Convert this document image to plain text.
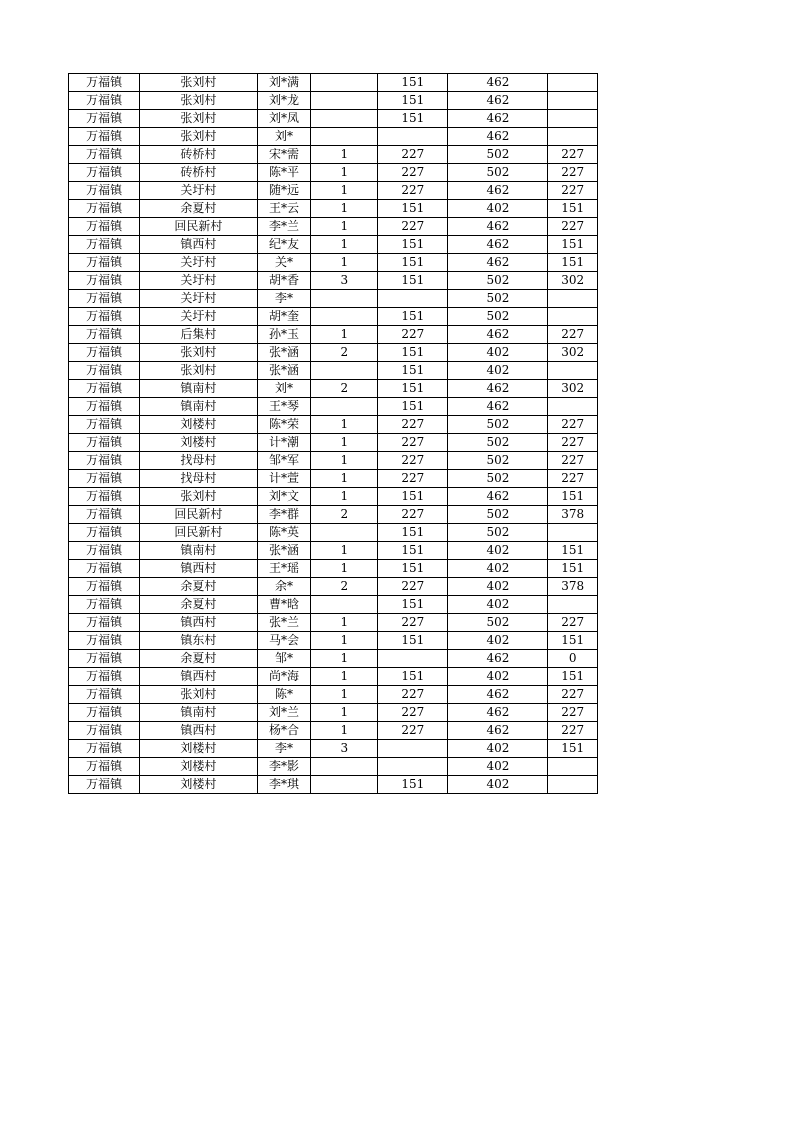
万福镇	张刘村	刘*满		151	462	
万福镇	张刘村	刘*龙		151	462	
万福镇	张刘村	刘*凤		151	462	
万福镇	张刘村	刘*			462	
万福镇	砖桥村	宋*需	1	227	502	227
万福镇	砖桥村	陈*平	1	227	502	227
万福镇	关圩村	随*远	1	227	462	227
万福镇	余夏村	王*云	1	151	402	151
万福镇	回民新村	李*兰	1	227	462	227
万福镇	镇西村	纪*友	1	151	462	151
万福镇	关圩村	关*	1	151	462	151
万福镇	关圩村	胡*香	3	151	502	302
万福镇	关圩村	李*			502	
万福镇	关圩村	胡*奎		151	502	
万福镇	后集村	孙*玉	1	227	462	227
万福镇	张刘村	张*涵	2	151	402	302
万福镇	张刘村	张*涵		151	402	
万福镇	镇南村	刘*	2	151	462	302
万福镇	镇南村	王*琴		151	462	
万福镇	刘楼村	陈*荣	1	227	502	227
万福镇	刘楼村	计*潮	1	227	502	227
万福镇	找母村	邹*军	1	227	502	227
万福镇	找母村	计*萱	1	227	502	227
万福镇	张刘村	刘*文	1	151	462	151
万福镇	回民新村	李*群	2	227	502	378
万福镇	回民新村	陈*英		151	502	
万福镇	镇南村	张*涵	1	151	402	151
万福镇	镇西村	王*瑶	1	151	402	151
万福镇	余夏村	余*	2	227	402	378
万福镇	余夏村	曹*晗		151	402	
万福镇	镇西村	张*兰	1	227	502	227
万福镇	镇东村	马*会	1	151	402	151
万福镇	余夏村	邹*	1		462	0
万福镇	镇西村	尚*海	1	151	402	151
万福镇	张刘村	陈*	1	227	462	227
万福镇	镇南村	刘*兰	1	227	462	227
万福镇	镇西村	杨*合	1	227	462	227
万福镇	刘楼村	李*	3		402	151
万福镇	刘楼村	李*影			402	
万福镇	刘楼村	李*琪		151	402	
